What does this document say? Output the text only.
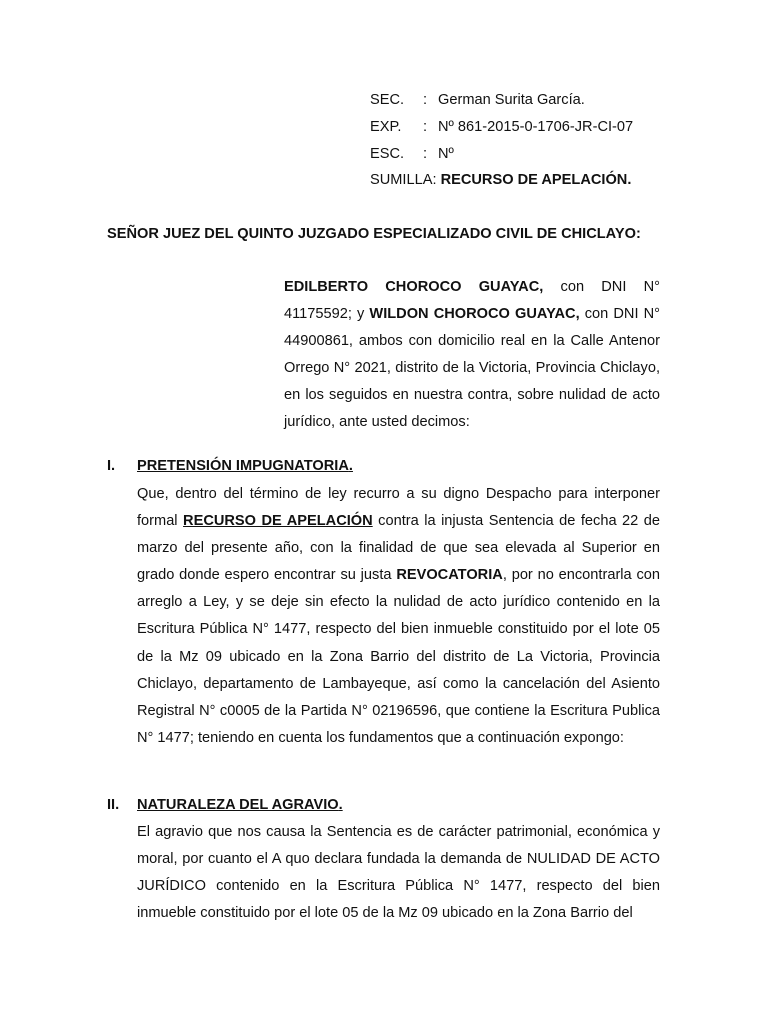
SEC. : German Surita García.
EXP. : Nº 861-2015-0-1706-JR-CI-07
ESC. : Nº
SUMILLA: RECURSO DE APELACIÓN.
SEÑOR JUEZ DEL QUINTO JUZGADO ESPECIALIZADO CIVIL DE CHICLAYO:
EDILBERTO CHOROCO GUAYAC, con DNI N° 41175592; y WILDON CHOROCO GUAYAC, con DNI N° 44900861, ambos con domicilio real en la Calle Antenor Orrego N° 2021, distrito de la Victoria, Provincia Chiclayo, en los seguidos en nuestra contra, sobre nulidad de acto jurídico, ante usted decimos:
I. PRETENSIÓN IMPUGNATORIA.
Que, dentro del término de ley recurro a su digno Despacho para interponer formal RECURSO DE APELACIÓN contra la injusta Sentencia de fecha 22 de marzo del presente año, con la finalidad de que sea elevada al Superior en grado donde espero encontrar su justa REVOCATORIA, por no encontrarla con arreglo a Ley, y se deje sin efecto la nulidad de acto jurídico contenido en la Escritura Pública N° 1477, respecto del bien inmueble constituido por el lote 05 de la Mz 09 ubicado en la Zona Barrio del distrito de La Victoria, Provincia Chiclayo, departamento de Lambayeque, así como la cancelación del Asiento Registral N° c0005 de la Partida N° 02196596, que contiene la Escritura Publica N° 1477; teniendo en cuenta los fundamentos que a continuación expongo:
II. NATURALEZA DEL AGRAVIO.
El agravio que nos causa la Sentencia es de carácter patrimonial, económica y moral, por cuanto el A quo declara fundada la demanda de NULIDAD DE ACTO JURÍDICO contenido en la Escritura Pública N° 1477, respecto del bien inmueble constituido por el lote 05 de la Mz 09 ubicado en la Zona Barrio del
